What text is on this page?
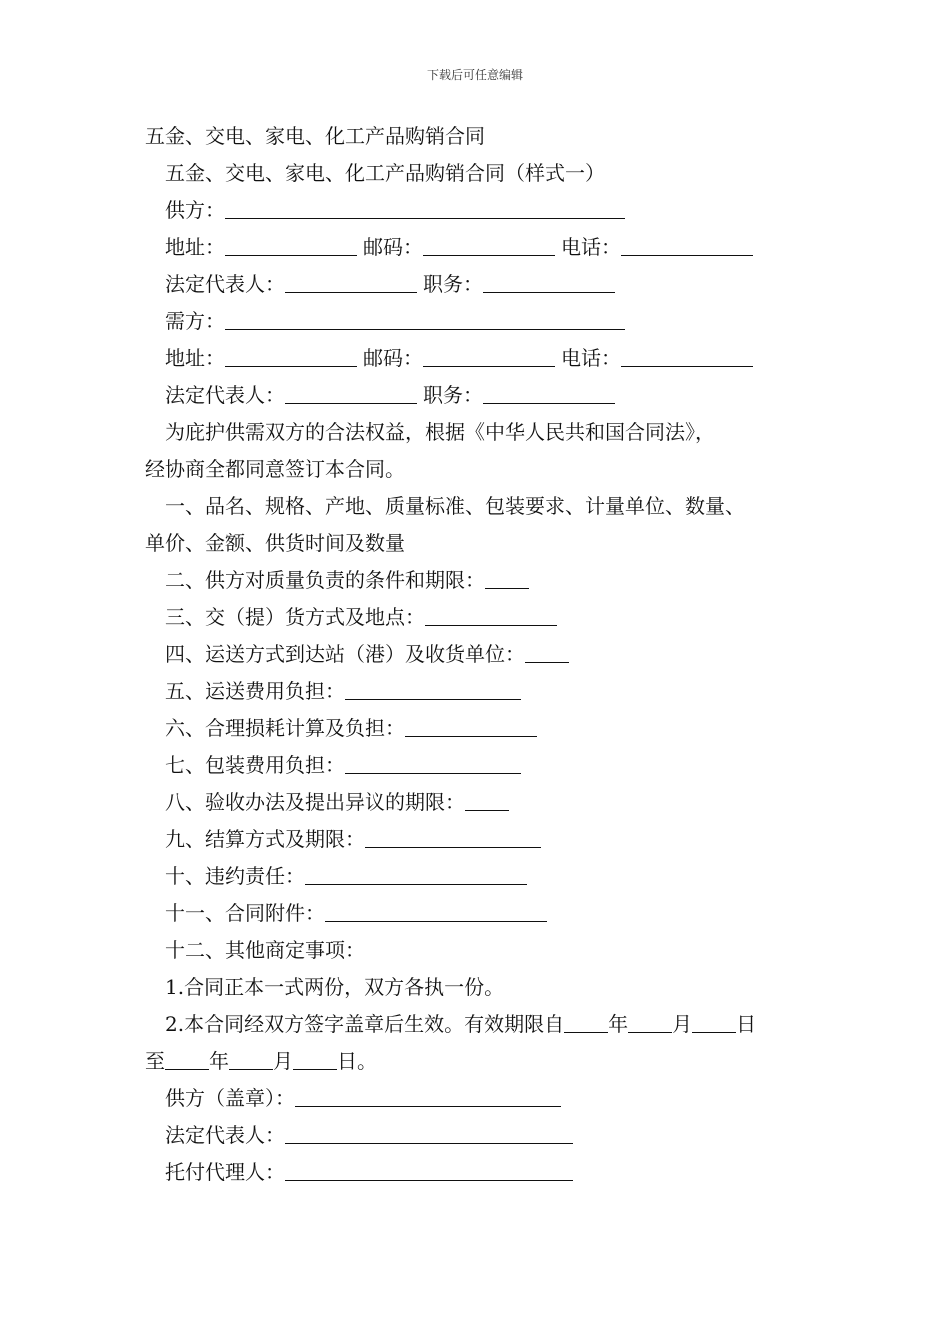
下载后可任意编辑
五金、交电、家电、化工产品购销合同
五金、交电、家电、化工产品购销合同（样式一）
供方：
地址：	邮码：	电话：
法定代表人：	职务：
需方：
地址：	邮码：	电话：
法定代表人：	职务：
为庇护供需双方的合法权益，根据《中华人民共和国合同法》，
经协商全都同意签订本合同。
一、品名、规格、产地、质量标准、包装要求、计量单位、数量、
单价、金额、供货时间及数量
二、供方对质量负责的条件和期限：
三、交（提）货方式及地点：
四、运送方式到达站（港）及收货单位：
五、运送费用负担：
六、合理损耗计算及负担：
七、包装费用负担：
八、验收办法及提出异议的期限：
九、结算方式及期限：
十、违约责任：
十一、合同附件：
十二、其他商定事项：
1.合同正本一式两份，双方各执一份。
2.本合同经双方签字盖章后生效。有效期限自 年 月 日
至 年 月 日。
供方（盖章）：
法定代表人：
托付代理人：
